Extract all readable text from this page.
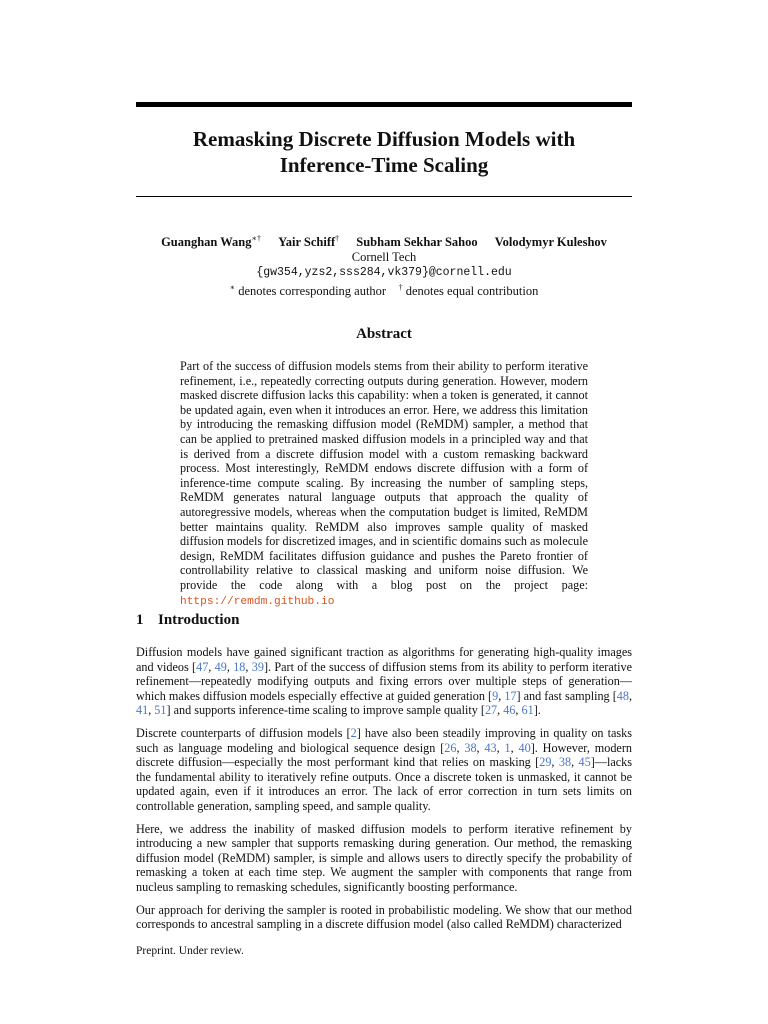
Remasking Discrete Diffusion Models with
Inference-Time Scaling
Guanghan Wang∗† Yair Schiff† Subham Sekhar Sahoo Volodymyr Kuleshov
Cornell Tech
{gw354,yzs2,sss284,vk379}@cornell.edu
∗ denotes corresponding author † denotes equal contribution
Abstract
Part of the success of diffusion models stems from their ability to perform iterative refinement, i.e., repeatedly correcting outputs during generation. However, modern masked discrete diffusion lacks this capability: when a token is generated, it cannot be updated again, even when it introduces an error. Here, we address this limitation by introducing the remasking diffusion model (ReMDM) sampler, a method that can be applied to pretrained masked diffusion models in a principled way and that is derived from a discrete diffusion model with a custom remasking backward process. Most interestingly, ReMDM endows discrete diffusion with a form of inference-time compute scaling. By increasing the number of sampling steps, ReMDM generates natural language outputs that approach the quality of autoregressive models, whereas when the computation budget is limited, ReMDM better maintains quality. ReMDM also improves sample quality of masked diffusion models for discretized images, and in scientific domains such as molecule design, ReMDM facilitates diffusion guidance and pushes the Pareto frontier of controllability relative to classical masking and uniform noise diffusion. We provide the code along with a blog post on the project page: https://remdm.github.io
1 Introduction

Diffusion models have gained significant traction as algorithms for generating high-quality images and videos [47, 49, 18, 39]. Part of the success of diffusion stems from its ability to perform iterative refinement—repeatedly modifying outputs and fixing errors over multiple steps of generation—which makes diffusion models especially effective at guided generation [9, 17] and fast sampling [48, 41, 51] and supports inference-time scaling to improve sample quality [27, 46, 61].

Discrete counterparts of diffusion models [2] have also been steadily improving in quality on tasks such as language modeling and biological sequence design [26, 38, 43, 1, 40]. However, modern discrete diffusion—especially the most performant kind that relies on masking [29, 38, 45]—lacks the fundamental ability to iteratively refine outputs. Once a discrete token is unmasked, it cannot be updated again, even if it introduces an error. The lack of error correction in turn sets limits on controllable generation, sampling speed, and sample quality.

Here, we address the inability of masked diffusion models to perform iterative refinement by introducing a new sampler that supports remasking during generation. Our method, the remasking diffusion model (ReMDM) sampler, is simple and allows users to directly specify the probability of remasking a token at each time step. We augment the sampler with components that range from nucleus sampling to remasking schedules, significantly boosting performance.

Our approach for deriving the sampler is rooted in probabilistic modeling. We show that our method corresponds to ancestral sampling in a discrete diffusion model (also called ReMDM) characterized

Preprint. Under review.
